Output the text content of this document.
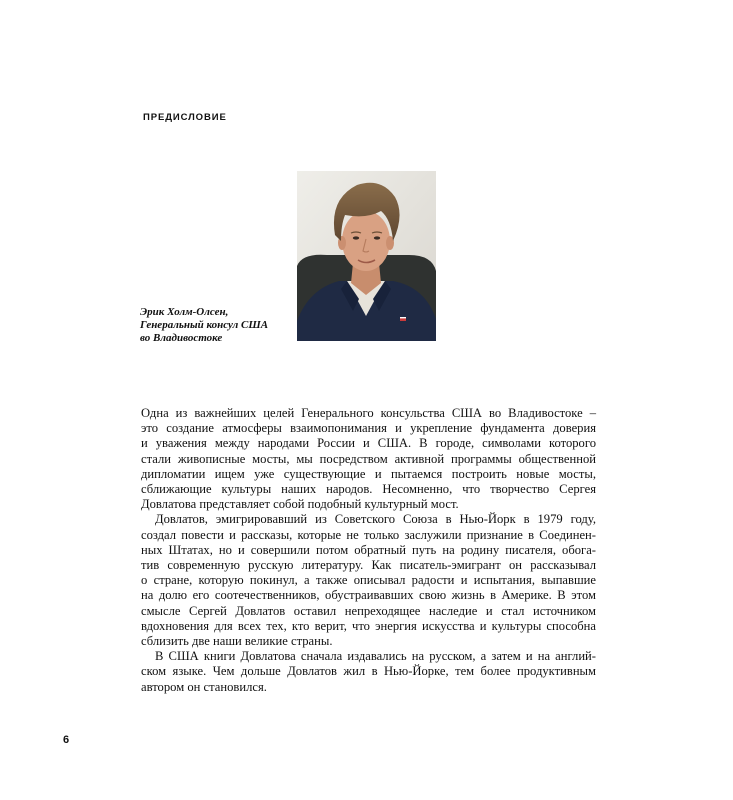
ПРЕДИСЛОВИЕ
Эрик Холм-Олсен,
Генеральный консул США
во Владивостоке
Одна из важнейших целей Генерального консульства США во Владивостоке –
это создание атмосферы взаимопонимания и укрепление фундамента доверия
и уважения между народами России и США. В городе, символами которого
стали живописные мосты, мы посредством активной программы общественной
дипломатии ищем уже существующие и пытаемся построить новые мосты,
сближающие культуры наших народов. Несомненно, что творчество Сергея
Довлатова представляет собой подобный культурный мост.
Довлатов, эмигрировавший из Советского Союза в Нью-Йорк в 1979 году,
создал повести и рассказы, которые не только заслужили признание в Соединен-
ных Штатах, но и совершили потом обратный путь на родину писателя, обога-
тив современную русскую литературу. Как писатель-эмигрант он рассказывал
о стране, которую покинул, а также описывал радости и испытания, выпавшие
на долю его соотечественников, обустраивавших свою жизнь в Америке. В этом
смысле Сергей Довлатов оставил непреходящее наследие и стал источником
вдохновения для всех тех, кто верит, что энергия искусства и культуры способна
сблизить две наши великие страны.
В США книги Довлатова сначала издавались на русском, а затем и на англий-
ском языке. Чем дольше Довлатов жил в Нью-Йорке, тем более продуктивным
автором он становился.
6
